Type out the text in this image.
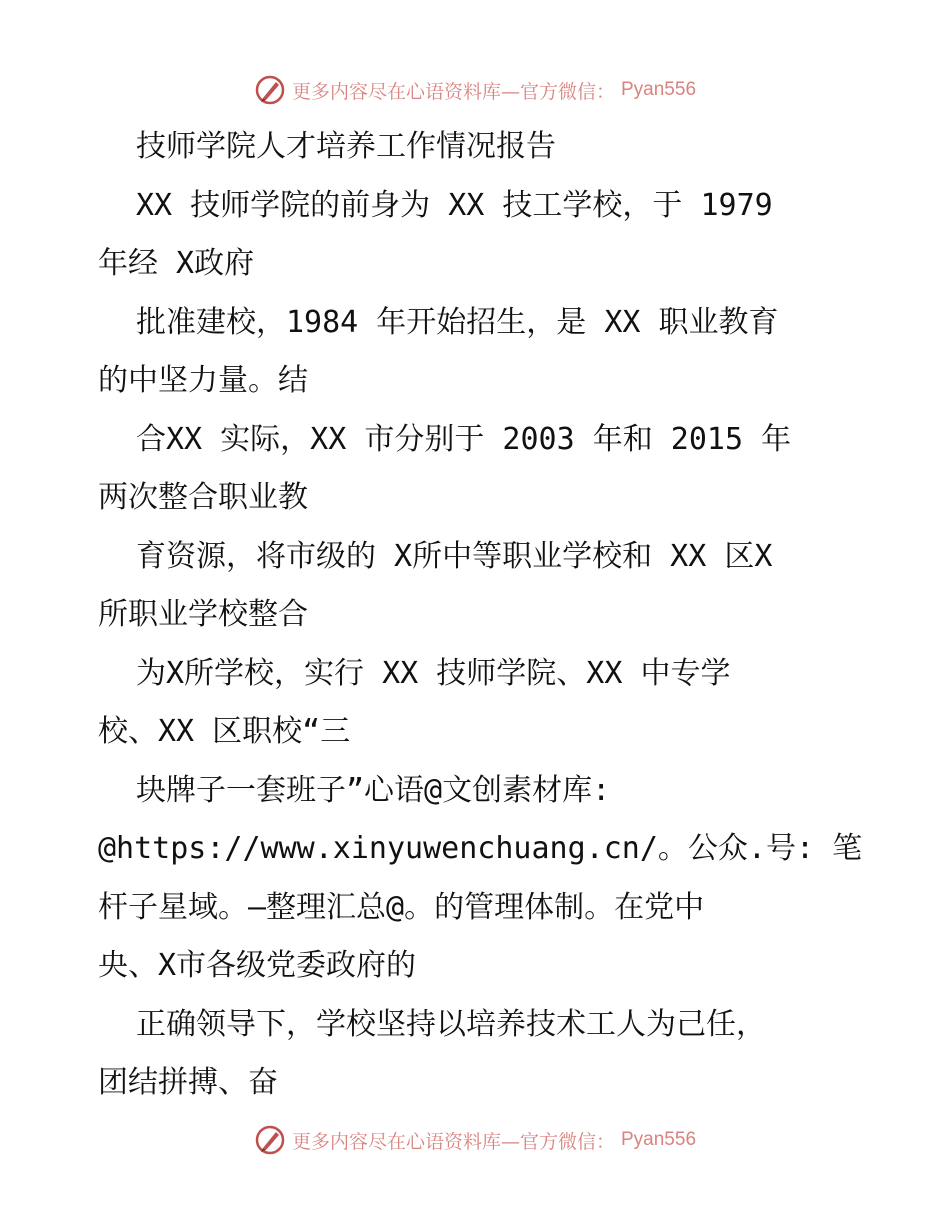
更多内容尽在心语资料库—官方微信： Pyan556
技师学院人才培养工作情况报告
XX 技师学院的前身为 XX 技工学校，于 1979
年经 X政府
批准建校，1984 年开始招生，是 XX 职业教育
的中坚力量。结
合XX 实际，XX 市分别于 2003 年和 2015 年
两次整合职业教
育资源，将市级的 X所中等职业学校和 XX 区X
所职业学校整合
为X所学校，实行 XX 技师学院、XX 中专学
校、XX 区职校“三
块牌子一套班子”心语@文创素材库:
@https://www.xinyuwenchuang.cn/。公众.号: 笔
杆子星域。—整理汇总@。的管理体制。在党中
央、X市各级党委政府的
正确领导下，学校坚持以培养技术工人为己任，
团结拼搏、奋
更多内容尽在心语资料库—官方微信： Pyan556
